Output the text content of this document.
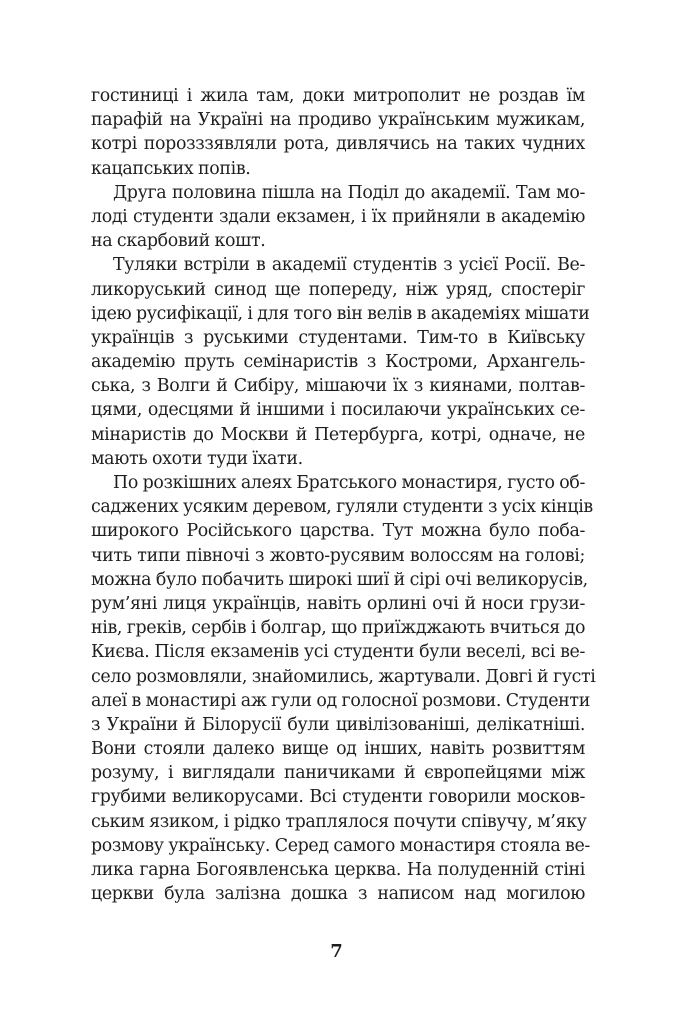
гостиниці і жила там, доки митрополит не роздав їм
парафій на Україні на продиво українським мужикам,
котрі порозззявляли рота, дивлячись на таких чудних
кацапських попів.
Друга половина пішла на Поділ до академії. Там мо-
лоді студенти здали екзамен, і їх прийняли в академію
на скарбовий кошт.
Туляки встріли в академії студентів з усієї Росії. Ве-
ликоруський синод ще попереду, ніж уряд, спостеріг
ідею русифікації, і для того він велів в академіях мішати
українців з руськими студентами. Тим-то в Київську
академію пруть семінаристів з Костроми, Архангель-
ська, з Волги й Сибіру, мішаючи їх з киянами, полтав-
цями, одесцями й іншими і посилаючи українських се-
мінаристів до Москви й Петербурга, котрі, одначе, не
мають охоти туди їхати.
По розкішних алеях Братського монастиря, густо об-
саджених усяким деревом, гуляли студенти з усіх кінців
широкого Російського царства. Тут можна було поба-
чить типи півночі з жовто-русявим волоссям на голові;
можна було побачить широкі шиї й сірі очі великорусів,
рум’яні лиця українців, навіть орлині очі й носи грузи-
нів, греків, сербів і болгар, що приїжджають вчиться до
Києва. Після екзаменів усі студенти були веселі, всі ве-
село розмовляли, знайомились, жартували. Довгі й густі
алеї в монастирі аж гули од голосної розмови. Студенти
з України й Білорусії були цивілізованіші, делікатніші.
Вони стояли далеко вище од інших, навіть розвиттям
розуму, і виглядали паничиками й європейцями між
грубими великорусами. Всі студенти говорили москов-
ським язиком, і рідко траплялося почути співучу, м’яку
розмову українську. Серед самого монастиря стояла ве-
лика гарна Богоявленська церква. На полуденній стіні
церкви була залізна дошка з написом над могилою
7
